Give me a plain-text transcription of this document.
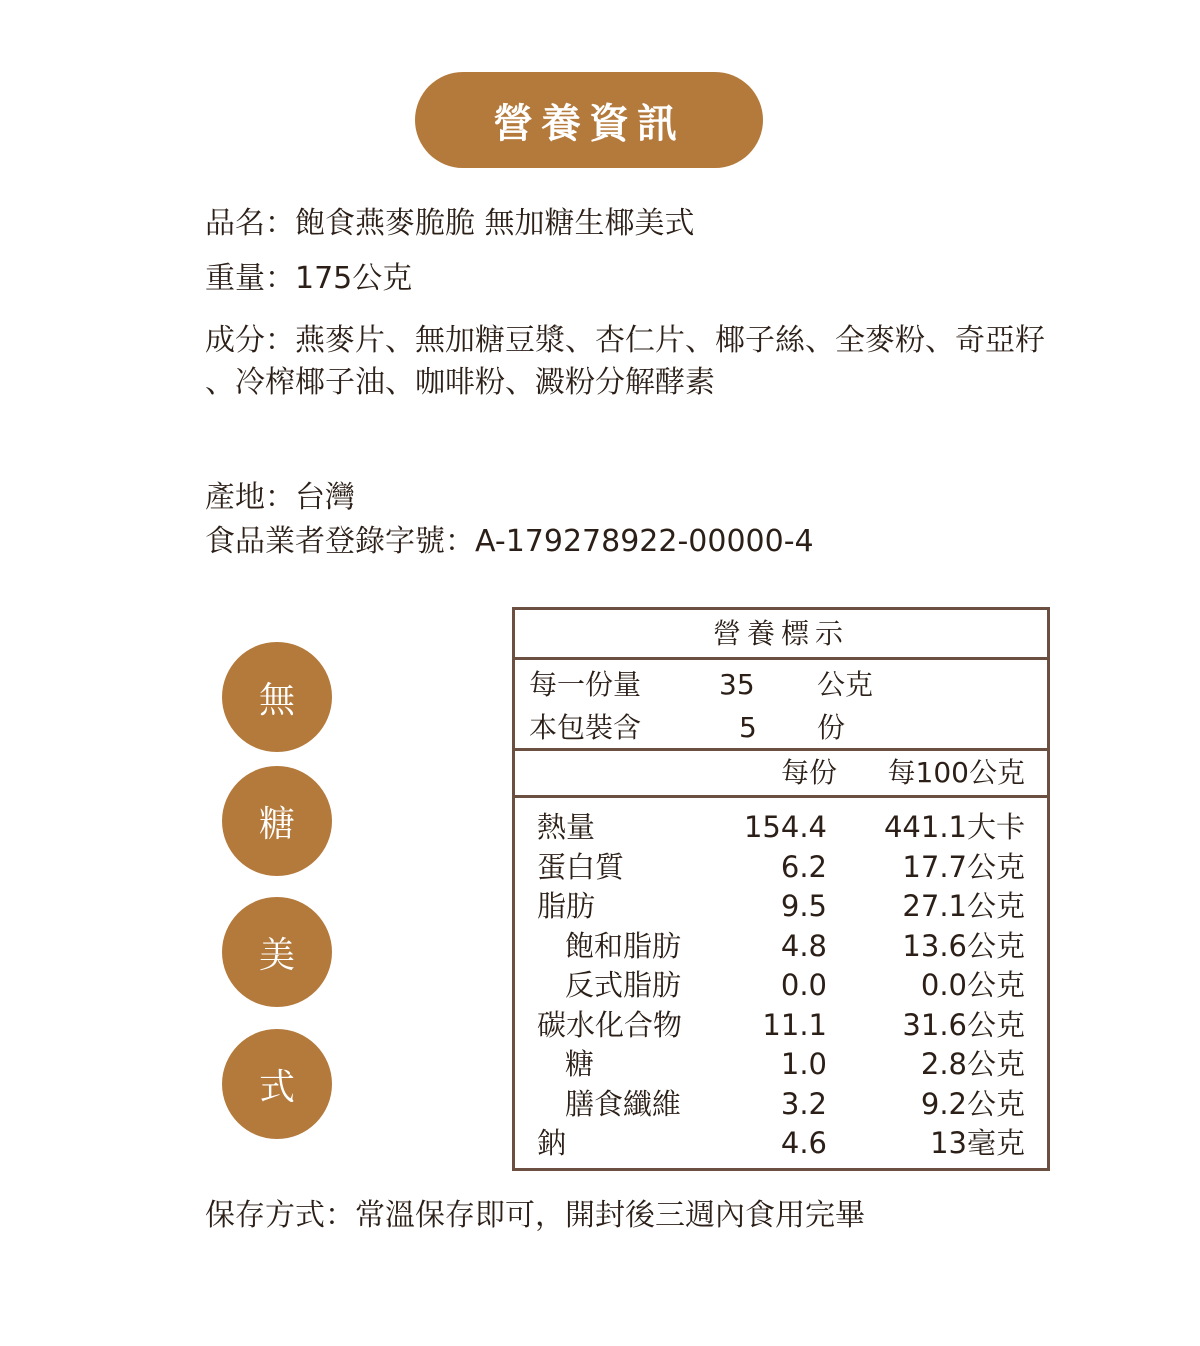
營養資訊
品名：飽食燕麥脆脆 無加糖生椰美式
重量：175公克
成分：燕麥片、無加糖豆漿、杏仁片、椰子絲、全麥粉、奇亞籽
、冷榨椰子油、咖啡粉、澱粉分解酵素
產地：台灣
食品業者登錄字號：A-179278922-00000-4
無
糖
美
式
營養標示
每一份量	35 公克
本包裝含	5 份
每份 每100公克
熱量	154.4 441.1大卡
蛋白質	6.2	17.7公克
脂肪	9.5	27.1公克
飽和脂肪	4.8	13.6公克
反式脂肪	0.0	0.0公克
碳水化合物	11.1	31.6公克
糖	1.0	2.8公克
膳食纖維	3.2	9.2公克
鈉	4.6	13毫克
保存方式：常溫保存即可，開封後三週內食用完畢
